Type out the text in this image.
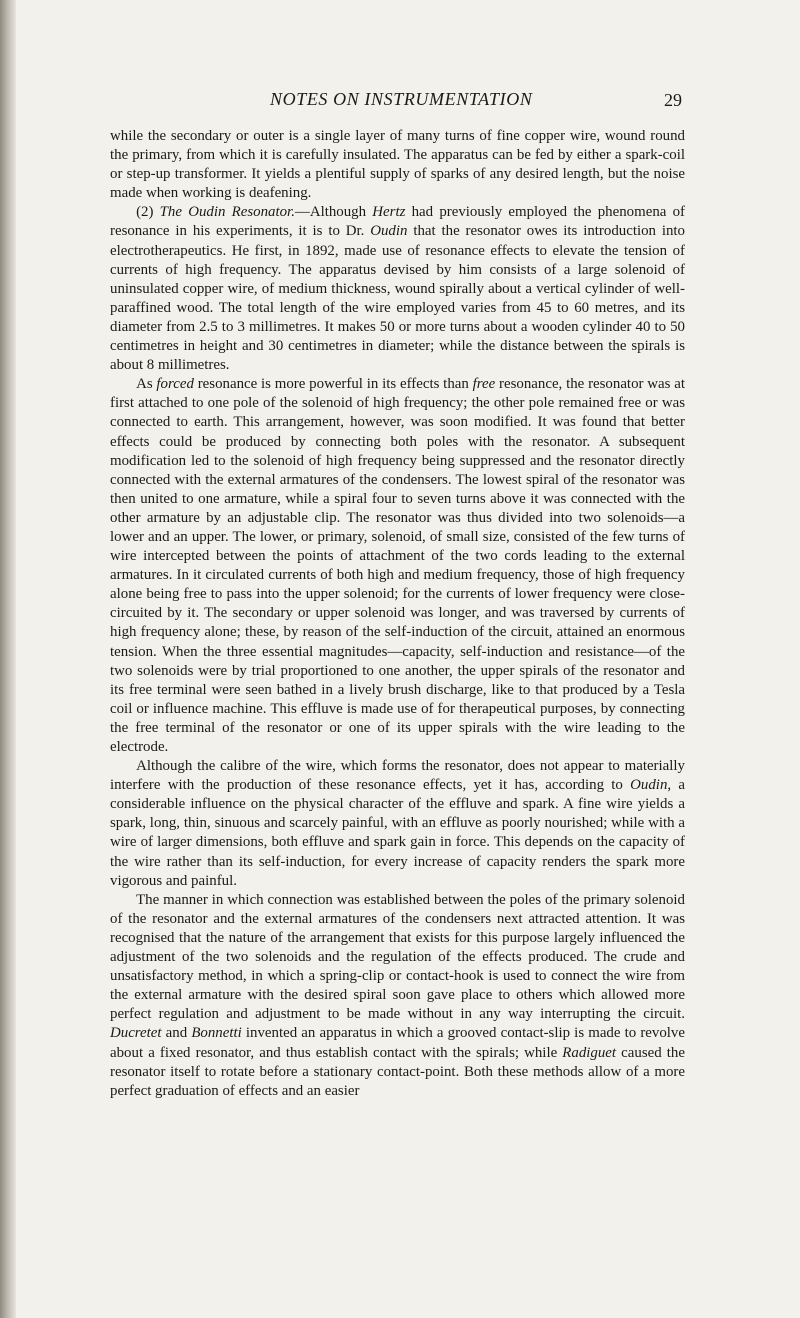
NOTES ON INSTRUMENTATION	29

while the secondary or outer is a single layer of many turns of fine copper wire, wound round the primary, from which it is carefully insulated. The apparatus can be fed by either a spark-coil or step-up transformer. It yields a plentiful supply of sparks of any desired length, but the noise made when working is deafening.

(2) The Oudin Resonator.—Although Hertz had previously employed the phenomena of resonance in his experiments, it is to Dr. Oudin that the resonator owes its introduction into electrotherapeutics. He first, in 1892, made use of resonance effects to elevate the tension of currents of high frequency. The apparatus devised by him consists of a large solenoid of uninsulated copper wire, of medium thickness, wound spirally about a vertical cylinder of well-paraffined wood. The total length of the wire employed varies from 45 to 60 metres, and its diameter from 2.5 to 3 millimetres. It makes 50 or more turns about a wooden cylinder 40 to 50 centimetres in height and 30 centimetres in diameter; while the distance between the spirals is about 8 millimetres.

As forced resonance is more powerful in its effects than free resonance, the resonator was at first attached to one pole of the solenoid of high frequency; the other pole remained free or was connected to earth. This arrangement, however, was soon modified. It was found that better effects could be produced by connecting both poles with the resonator. A subsequent modification led to the solenoid of high frequency being suppressed and the resonator directly connected with the external armatures of the condensers. The lowest spiral of the resonator was then united to one armature, while a spiral four to seven turns above it was connected with the other armature by an adjustable clip. The resonator was thus divided into two solenoids—a lower and an upper. The lower, or primary, solenoid, of small size, consisted of the few turns of wire intercepted between the points of attachment of the two cords leading to the external armatures. In it circulated currents of both high and medium frequency, those of high frequency alone being free to pass into the upper solenoid; for the currents of lower frequency were close-circuited by it. The secondary or upper solenoid was longer, and was traversed by currents of high frequency alone; these, by reason of the self-induction of the circuit, attained an enormous tension. When the three essential magnitudes—capacity, self-induction and resistance—of the two solenoids were by trial proportioned to one another, the upper spirals of the resonator and its free terminal were seen bathed in a lively brush discharge, like to that produced by a Tesla coil or influence machine. This effluve is made use of for therapeutical purposes, by connecting the free terminal of the resonator or one of its upper spirals with the wire leading to the electrode.

Although the calibre of the wire, which forms the resonator, does not appear to materially interfere with the production of these resonance effects, yet it has, according to Oudin, a considerable influence on the physical character of the effluve and spark. A fine wire yields a spark, long, thin, sinuous and scarcely painful, with an effluve as poorly nourished; while with a wire of larger dimensions, both effluve and spark gain in force. This depends on the capacity of the wire rather than its self-induction, for every increase of capacity renders the spark more vigorous and painful.

The manner in which connection was established between the poles of the primary solenoid of the resonator and the external armatures of the condensers next attracted attention. It was recognised that the nature of the arrangement that exists for this purpose largely influenced the adjustment of the two solenoids and the regulation of the effects produced. The crude and unsatisfactory method, in which a spring-clip or contact-hook is used to connect the wire from the external armature with the desired spiral soon gave place to others which allowed more perfect regulation and adjustment to be made without in any way interrupting the circuit. Ducretet and Bonnetti invented an apparatus in which a grooved contact-slip is made to revolve about a fixed resonator, and thus establish contact with the spirals; while Radiguet caused the resonator itself to rotate before a stationary contact-point. Both these methods allow of a more perfect graduation of effects and an easier
